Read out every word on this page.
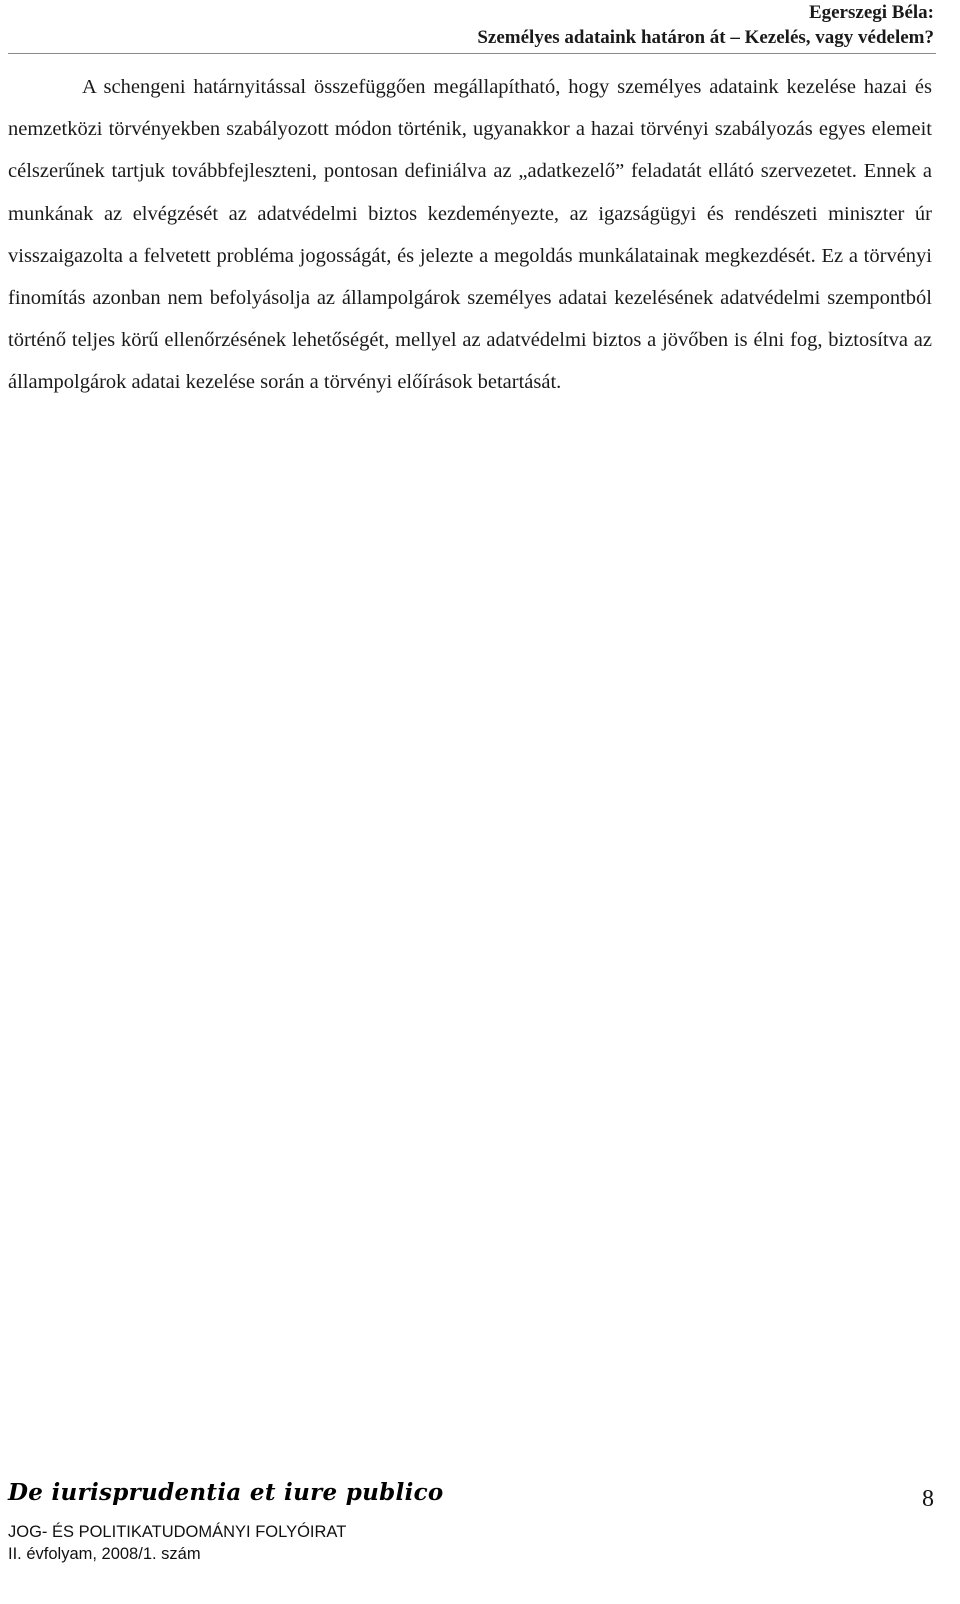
Egerszegi Béla:
Személyes adataink határon át – Kezelés, vagy védelem?

A schengeni határnyitással összefüggően megállapítható, hogy személyes adataink kezelése hazai és nemzetközi törvényekben szabályozott módon történik, ugyanakkor a hazai törvényi szabályozás egyes elemeit célszerűnek tartjuk továbbfejleszteni, pontosan definiálva az „adatkezelő” feladatát ellátó szervezetet. Ennek a munkának az elvégzését az adatvédelmi biztos kezdeményezte, az igazságügyi és rendészeti miniszter úr visszaigazolta a felvetett probléma jogosságát, és jelezte a megoldás munkálatainak megkezdését. Ez a törvényi finomítás azonban nem befolyásolja az állampolgárok személyes adatai kezelésének adatvédelmi szempontból történő teljes körű ellenőrzésének lehetőségét, mellyel az adatvédelmi biztos a jövőben is élni fog, biztosítva az állampolgárok adatai kezelése során a törvényi előírások betartását.

De iurisprudentia et iure publico
JOG- ÉS POLITIKATUDOMÁNYI FOLYÓIRAT
II. évfolyam, 2008/1. szám
8
